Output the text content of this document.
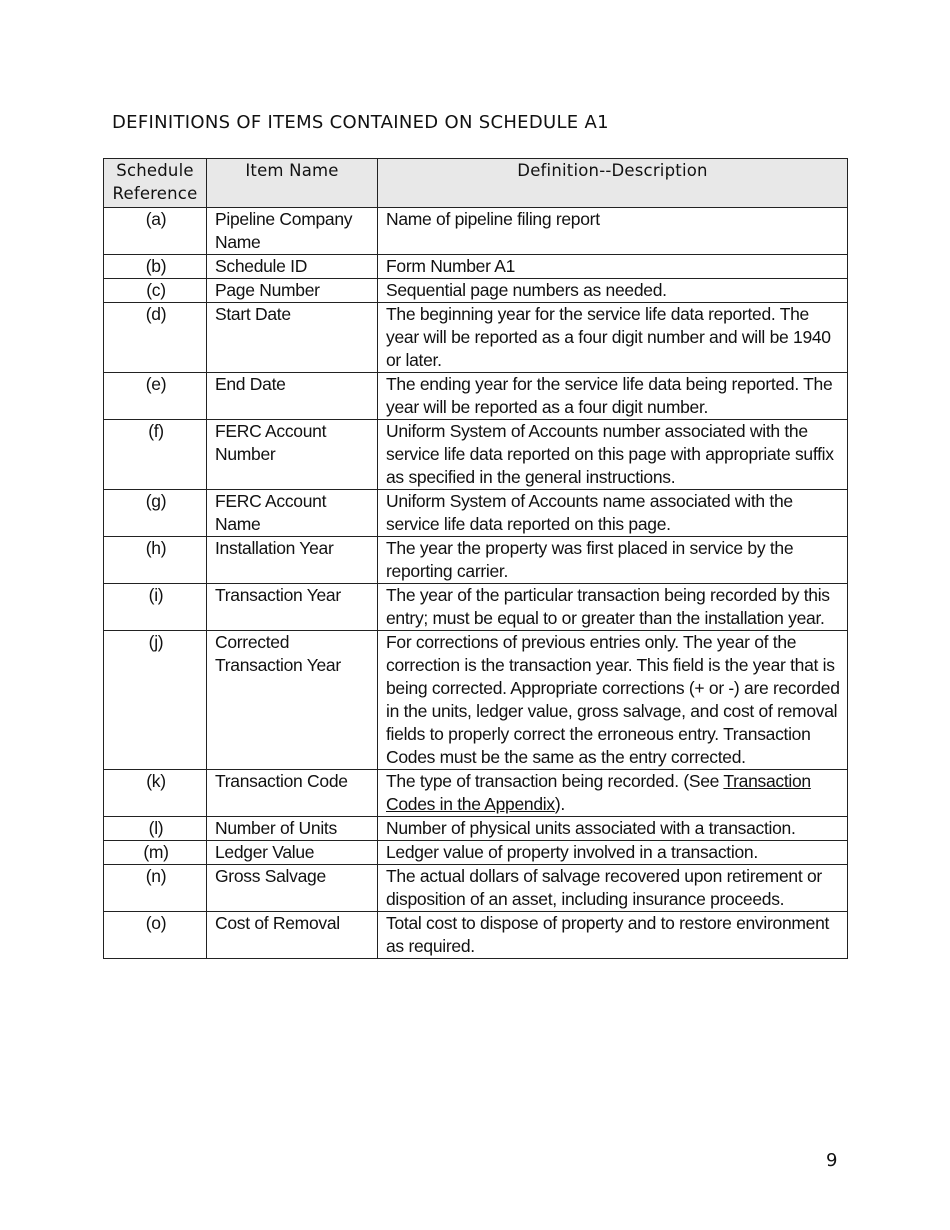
DEFINITIONS OF ITEMS CONTAINED ON SCHEDULE A1
Schedule Reference	Item Name	Definition--Description
(a)	Pipeline Company Name	Name of pipeline filing report
(b)	Schedule ID	Form Number A1
(c)	Page Number	Sequential page numbers as needed.
(d)	Start Date	The beginning year for the service life data reported. The year will be reported as a four digit number and will be 1940 or later.
(e)	End Date	The ending year for the service life data being reported. The year will be reported as a four digit number.
(f)	FERC Account Number	Uniform System of Accounts number associated with the service life data reported on this page with appropriate suffix as specified in the general instructions.
(g)	FERC Account Name	Uniform System of Accounts name associated with the service life data reported on this page.
(h)	Installation Year	The year the property was first placed in service by the reporting carrier.
(i)	Transaction Year	The year of the particular transaction being recorded by this entry; must be equal to or greater than the installation year.
(j)	Corrected Transaction Year	For corrections of previous entries only. The year of the correction is the transaction year. This field is the year that is being corrected. Appropriate corrections (+ or -) are recorded in the units, ledger value, gross salvage, and cost of removal fields to properly correct the erroneous entry. Transaction Codes must be the same as the entry corrected.
(k)	Transaction Code	The type of transaction being recorded. (See Transaction Codes in the Appendix).
(l)	Number of Units	Number of physical units associated with a transaction.
(m)	Ledger Value	Ledger value of property involved in a transaction.
(n)	Gross Salvage	The actual dollars of salvage recovered upon retirement or disposition of an asset, including insurance proceeds.
(o)	Cost of Removal	Total cost to dispose of property and to restore environment as required.
9
